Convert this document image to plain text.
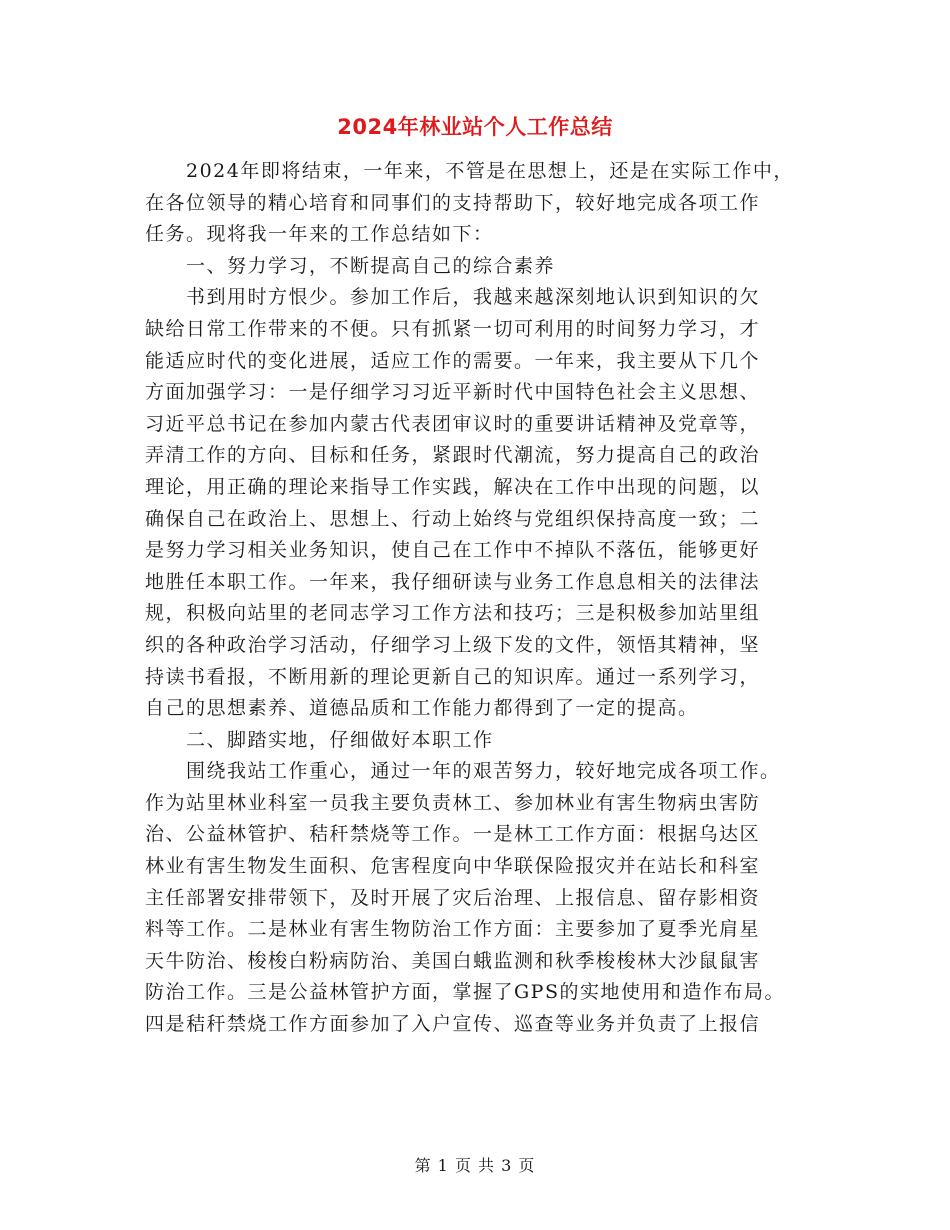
2024年林业站个人工作总结
　　2024年即将结束，一年来，不管是在思想上，还是在实际工作中，
在各位领导的精心培育和同事们的支持帮助下，较好地完成各项工作
任务。现将我一年来的工作总结如下：
　　一、努力学习，不断提高自己的综合素养
　　书到用时方恨少。参加工作后，我越来越深刻地认识到知识的欠
缺给日常工作带来的不便。只有抓紧一切可利用的时间努力学习，才
能适应时代的变化进展，适应工作的需要。一年来，我主要从下几个
方面加强学习：一是仔细学习习近平新时代中国特色社会主义思想、
习近平总书记在参加内蒙古代表团审议时的重要讲话精神及党章等，
弄清工作的方向、目标和任务，紧跟时代潮流，努力提高自己的政治
理论，用正确的理论来指导工作实践，解决在工作中出现的问题，以
确保自己在政治上、思想上、行动上始终与党组织保持高度一致；二
是努力学习相关业务知识，使自己在工作中不掉队不落伍，能够更好
地胜任本职工作。一年来，我仔细研读与业务工作息息相关的法律法
规，积极向站里的老同志学习工作方法和技巧；三是积极参加站里组
织的各种政治学习活动，仔细学习上级下发的文件，领悟其精神，坚
持读书看报，不断用新的理论更新自己的知识库。通过一系列学习，
自己的思想素养、道德品质和工作能力都得到了一定的提高。
　　二、脚踏实地，仔细做好本职工作
　　围绕我站工作重心，通过一年的艰苦努力，较好地完成各项工作。
作为站里林业科室一员我主要负责林工、参加林业有害生物病虫害防
治、公益林管护、秸秆禁烧等工作。一是林工工作方面：根据乌达区
林业有害生物发生面积、危害程度向中华联保险报灾并在站长和科室
主任部署安排带领下，及时开展了灾后治理、上报信息、留存影相资
料等工作。二是林业有害生物防治工作方面：主要参加了夏季光肩星
天牛防治、梭梭白粉病防治、美国白蛾监测和秋季梭梭林大沙鼠鼠害
防治工作。三是公益林管护方面，掌握了GPS的实地使用和造作布局。
四是秸秆禁烧工作方面参加了入户宣传、巡查等业务并负责了上报信
第 1 页 共 3 页
